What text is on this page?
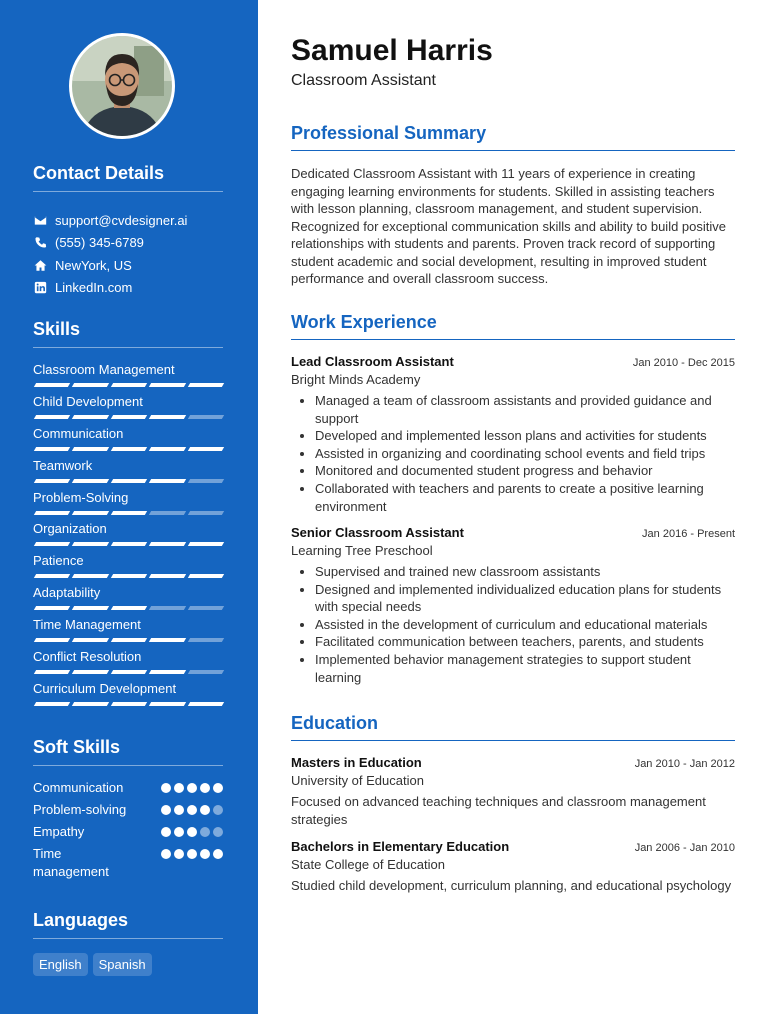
Contact Details
support@cvdesigner.ai
(555) 345-6789
NewYork, US
LinkedIn.com
Skills
Classroom Management
Child Development
Communication
Teamwork
Problem-Solving
Organization
Patience
Adaptability
Time Management
Conflict Resolution
Curriculum Development
Soft Skills
Communication
Problem-solving
Empathy
Time management
Languages
English	Spanish
Samuel Harris
Classroom Assistant
Professional Summary

Dedicated Classroom Assistant with 11 years of experience in creating engaging learning environments for students. Skilled in assisting teachers with lesson planning, classroom management, and student supervision. Recognized for exceptional communication skills and ability to build positive relationships with students and parents. Proven track record of supporting student academic and social development, resulting in improved student performance and overall classroom success.

Work Experience
Lead Classroom Assistant	Jan 2010 - Dec 2015
Bright Minds Academy
• Managed a team of classroom assistants and provided guidance and support
• Developed and implemented lesson plans and activities for students
• Assisted in organizing and coordinating school events and field trips
• Monitored and documented student progress and behavior
• Collaborated with teachers and parents to create a positive learning environment
Senior Classroom Assistant	Jan 2016 - Present
Learning Tree Preschool
• Supervised and trained new classroom assistants
• Designed and implemented individualized education plans for students with special needs
• Assisted in the development of curriculum and educational materials
• Facilitated communication between teachers, parents, and students
• Implemented behavior management strategies to support student learning
Education
Masters in Education	Jan 2010 - Jan 2012
University of Education

Focused on advanced teaching techniques and classroom management strategies

Bachelors in Elementary Education	Jan 2006 - Jan 2010
State College of Education

Studied child development, curriculum planning, and educational psychology
